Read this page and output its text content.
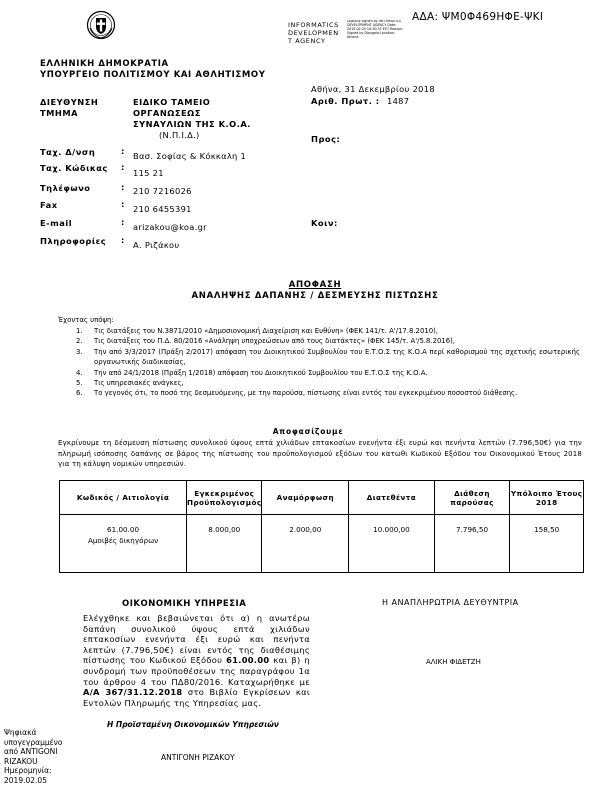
INFORMATICS
DEVELOPMEN
T AGENCY
Digitally signed by INFORMATICS DEVELOPMENT AGENCY Date: 2019.02.05 10:30:31 EET Reason: Signed by Diavgeia Location: Athens
ΑΔΑ: ΨΜ0Φ469ΗΦΕ-ΨΚΙ
ΕΛΛΗΝΙΚΗ ΔΗΜΟΚΡΑΤΙΑ
ΥΠΟΥΡΓΕΙΟ ΠΟΛΙΤΙΣΜΟΥ ΚΑΙ ΑΘΛΗΤΙΣΜΟΥ
ΔΙΕΥΘΥΝΣΗ
ΤΜΗΜΑ
ΕΙΔΙΚΟ ΤΑΜΕΙΟ
ΟΡΓΑΝΩΣΕΩΣ
ΣΥΝΑΥΛΙΩΝ ΤΗΣ Κ.Ο.Α.
(Ν.Π.Ι.Δ.)
Αθήνα, 31 Δεκεμβρίου 2018
Αριθ. Πρωτ. : 1487
Προς:
Κοιν:
Ταχ. Δ/νση	: Βασ. Σοφίας & Κόκκαλη 1
Ταχ. Κώδικας :
115 21
Τηλέφωνο	: 210 7216026
Fax	: 210 6455391
E-mail	: arizakou@koa.gr
Πληροφορίες : Α. Ριζάκου
ΑΠΟΦΑΣΗ
ΑΝΑΛΗΨΗΣ ΔΑΠΑΝΗΣ / ΔΕΣΜΕΥΣΗΣ ΠΙΣΤΩΣΗΣ
Έχοντας υπόψη:
1. Τις διατάξεις του Ν.3871/2010 «Δημοσιονομική Διαχείριση και Ευθύνη» (ΦΕΚ 141/τ. Α'/17.8.2010),
2. Τις διατάξεις του Π.Δ. 80/2016 «Ανάληψη υποχρεώσεων από τους διατάκτες» (ΦΕΚ 145/τ. Α'/5.8.2016),
3. Την από 3/3/2017 (Πράξη 2/2017) απόφαση του Διοικητικού Συμβουλίου του Ε.Τ.Ο.Σ της Κ.Ο.Α περί καθορισμού της σχετικής εσωτερικής οργανωτικής διαδικασίας,
4. Την από 24/1/2018 (Πράξη 1/2018) απόφαση του Διοικητικού Συμβουλίου του Ε.Τ.Ο.Σ της Κ.Ο.Α.
5. Τις υπηρεσιακές ανάγκες,
6. Το γεγονός ότι, το ποσό της δεσμευόμενης, με την παρούσα, πίστωσης είναι εντός του εγκεκριμένου ποσοστού διάθεσης.
Αποφασίζουμε
Εγκρίνουμε τη δέσμευση πίστωσης συνολικού ύψους επτά χιλιάδων επτακοσίων ενενήντα έξι ευρώ και πενήντα λεπτών (7.796,50€) για την πληρωμή ισόποσης δαπάνης σε βάρος της πίστωσης του προϋπολογισμού εξόδων του κατωθι Κωδικού Εξόδου του Οικονομικού Έτους 2018 για τη κάλυψη νομικών υπηρεσιών.
Κωδικός / Αιτιολογία	Εγκεκριμένος Προϋπολογισμός	Αναμόρφωση	Διατεθέντα	Διάθεση παρούσας	Υπόλοιπο Έτους 2018

61.00.00
Αμοιβές δικηγόρων	8.000,00	2.000,00	10.000,00	7.796,50	158,50
ΟΙΚΟΝΟΜΙΚΗ ΥΠΗΡΕΣΙΑ
Ελέγχθηκε και βεβαιώνεται ότι α) η ανωτέρω δαπάνη συνολικού ύψους επτά χιλιάδων επτακοσίων ενενήντα έξι ευρώ και πενήντα λεπτών (7.796,50€) είναι εντός της διαθέσιμης πίστωσης του Κωδικού Εξόδου 61.00.00 και β) η συνδρομή των προϋποθέσεων της παραγράφου 1α του άρθρου 4 του ΠΔ80/2016. Καταχωρήθηκε με Α/Α 367/31.12.2018 στο Βιβλίο Εγκρίσεων και Εντολών Πληρωμής της Υπηρεσίας μας.
Η Προϊσταμένη Οικονομικών Υπηρεσιών
ΑΝΤΙΓΟΝΗ ΡΙΖΑΚΟΥ
Η ΑΝΑΠΛΗΡΩΤΡΙΑ ΔΕΥΘΥΝΤΡΙΑ
ΑΛΙΚΗ ΦΙΔΕΤΖΗ
Ψηφιακά
υπογεγραμμένο
από ANTIGONI
RIZAKOU
Ημερομηνία:
2019.02.05
